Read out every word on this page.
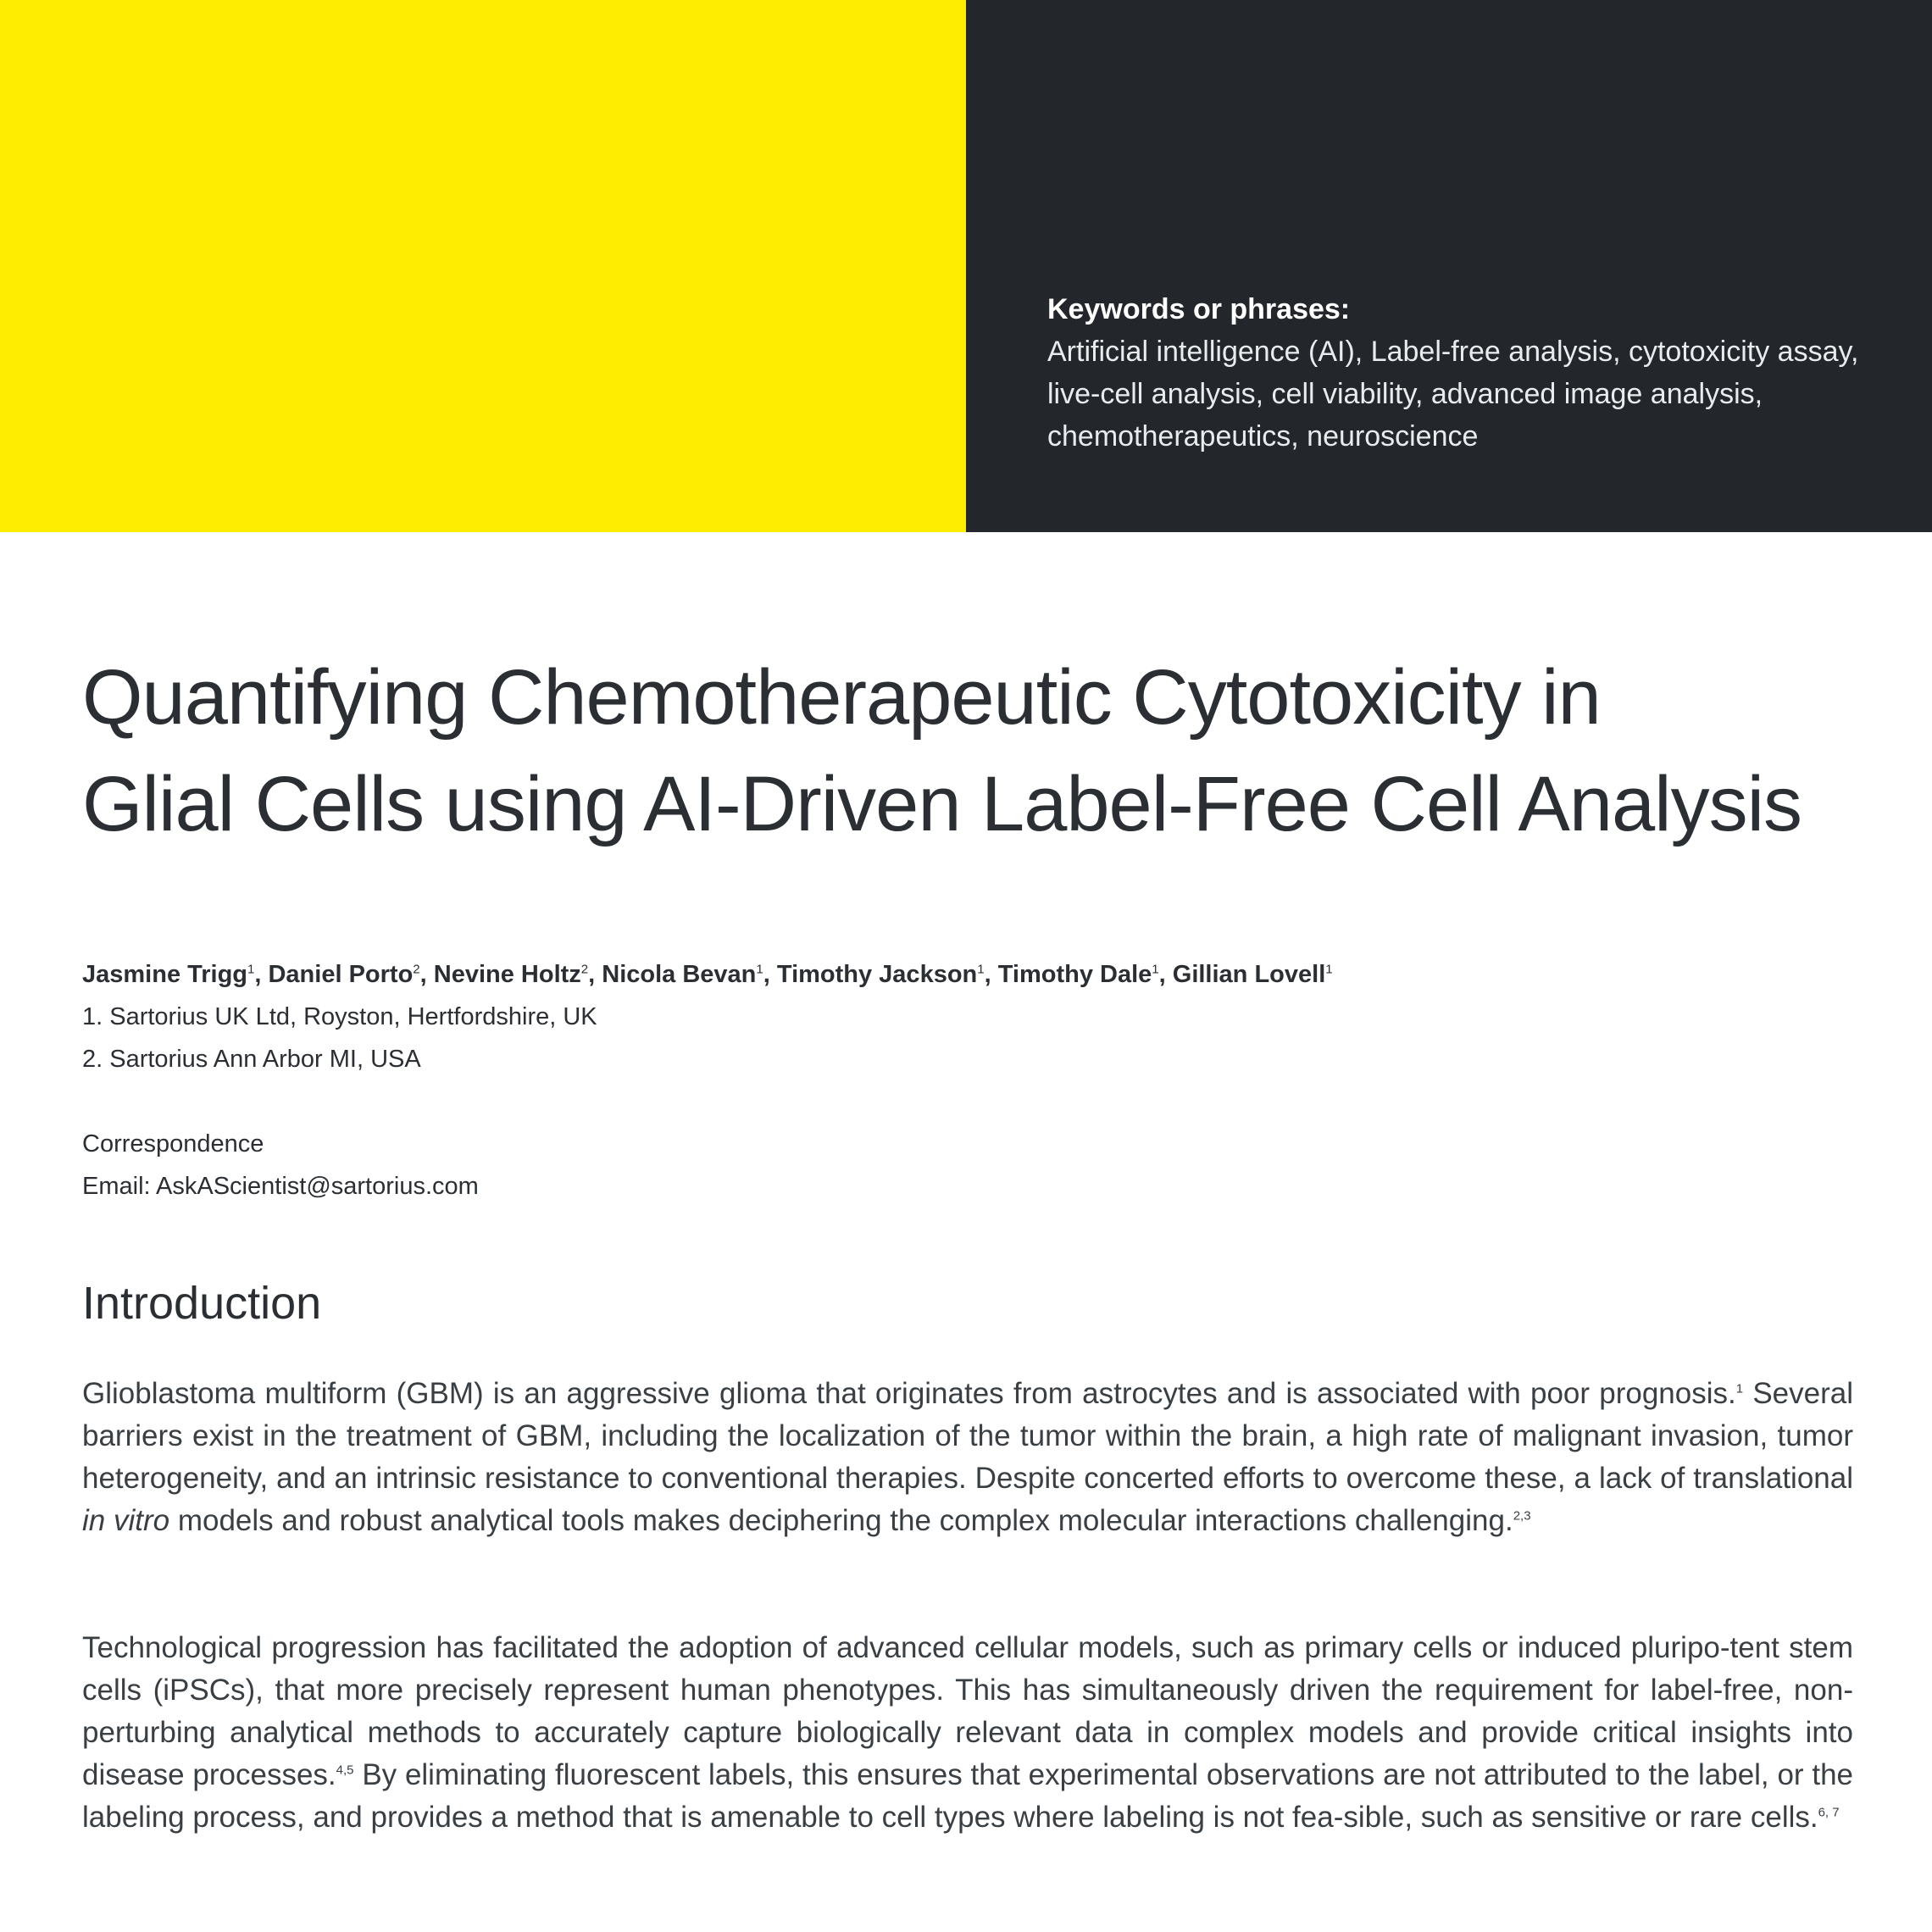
Keywords or phrases:
Artificial intelligence (AI), Label-free analysis, cytotoxicity assay, live-cell analysis, cell viability, advanced image analysis, chemotherapeutics, neuroscience
Quantifying Chemotherapeutic Cytotoxicity in
Glial Cells using AI-Driven Label-Free Cell Analysis
Jasmine Trigg$^1$, Daniel Porto$^2$, Nevine Holtz$^2$, Nicola Bevan$^1$, Timothy Jackson$^1$, Timothy Dale$^1$, Gillian Lovell$^1$
1. Sartorius UK Ltd, Royston, Hertfordshire, UK
2. Sartorius Ann Arbor MI, USA
Correspondence
Email: AskAScientist@sartorius.com
Introduction

Glioblastoma multiform (GBM) is an aggressive glioma that originates from astrocytes and is associated with poor prognosis.$^1$ Several barriers exist in the treatment of GBM, including the localization of the tumor within the brain, a high rate of malignant invasion, tumor heterogeneity, and an intrinsic resistance to conventional therapies. Despite concerted efforts to overcome these, a lack of translational in vitro models and robust analytical tools makes deciphering the complex molecular interactions challenging.$^{2,3}$

Technological progression has facilitated the adoption of advanced cellular models, such as primary cells or induced pluripo-tent stem cells (iPSCs), that more precisely represent human phenotypes. This has simultaneously driven the requirement for label-free, non-perturbing analytical methods to accurately capture biologically relevant data in complex models and provide critical insights into disease processes.$^{4,5}$ By eliminating fluorescent labels, this ensures that experimental observations are not attributed to the label, or the labeling process, and provides a method that is amenable to cell types where labeling is not fea-sible, such as sensitive or rare cells.$^{6, 7}$
